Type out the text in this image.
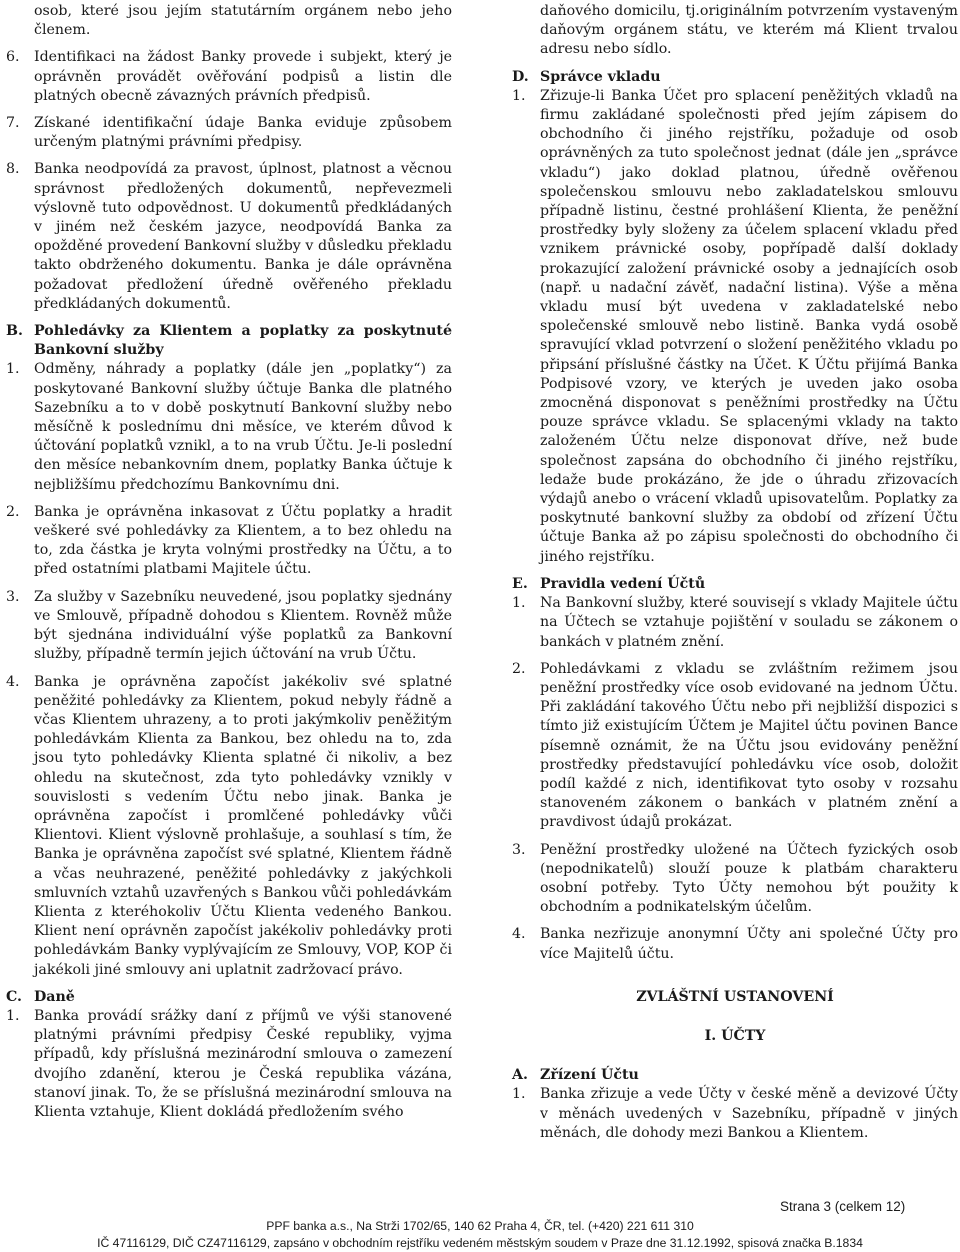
osob, které jsou jejím statutárním orgánem nebo jeho členem.
6.	Identifikaci na žádost Banky provede i subjekt, který je oprávněn provádět ověřování podpisů a listin dle platných obecně závazných právních předpisů.
7.	Získané identifikační údaje Banka eviduje způsobem určeným platnými právními předpisy.
8.	Banka neodpovídá za pravost, úplnost, platnost a věcnou správnost předložených dokumentů, nepřevezmeli výslovně tuto odpovědnost. U dokumentů předkládaných v jiném než českém jazyce, neodpovídá Banka za opožděné provedení Bankovní služby v důsledku překladu takto obdrženého dokumentu. Banka je dále oprávněna požadovat předložení úředně ověřeného překladu předkládaných dokumentů.
B. Pohledávky za Klientem a poplatky za poskytnuté Bankovní služby
1.	Odměny, náhrady a poplatky (dále jen „poplatky“) za poskytované Bankovní služby účtuje Banka dle platného Sazebníku a to v době poskytnutí Bankovní služby nebo měsíčně k poslednímu dni měsíce, ve kterém důvod k účtování poplatků vznikl, a to na vrub Účtu. Je-li poslední den měsíce nebankovním dnem, poplatky Banka účtuje k nejbližšímu předchozímu Bankovnímu dni.
2.	Banka je oprávněna inkasovat z Účtu poplatky a hradit veškeré své pohledávky za Klientem, a to bez ohledu na to, zda částka je kryta volnými prostředky na Účtu, a to před ostatními platbami Majitele účtu.
3.	Za služby v Sazebníku neuvedené, jsou poplatky sjednány ve Smlouvě, případně dohodou s Klientem. Rovněž může být sjednána individuální výše poplatků za Bankovní služby, případně termín jejich účtování na vrub Účtu.
4.	Banka je oprávněna započíst jakékoliv své splatné peněžité pohledávky za Klientem, pokud nebyly řádně a včas Klientem uhrazeny, a to proti jakýmkoliv peněžitým pohledávkám Klienta za Bankou, bez ohledu na to, zda jsou tyto pohledávky Klienta splatné či nikoliv, a bez ohledu na skutečnost, zda tyto pohledávky vznikly v souvislosti s vedením Účtu nebo jinak. Banka je oprávněna započíst i promlčené pohledávky vůči Klientovi. Klient výslovně prohlašuje, a souhlasí s tím, že Banka je oprávněna započíst své splatné, Klientem řádně a včas neuhrazené, peněžité pohledávky z jakýchkoli smluvních vztahů uzavřených s Bankou vůči pohledávkám Klienta z kteréhokoliv Účtu Klienta vedeného Bankou. Klient není oprávněn započíst jakékoliv pohledávky proti pohledávkám Banky vyplývajícím ze Smlouvy, VOP, KOP či jakékoli jiné smlouvy ani uplatnit zadržovací právo.
C. Daně
1.	Banka provádí srážky daní z příjmů ve výši stanovené platnými právními předpisy České republiky, vyjma případů, kdy příslušná mezinárodní smlouva o zamezení dvojího zdanění, kterou je Česká republika vázána, stanoví jinak. To, že se příslušná mezinárodní smlouva na Klienta vztahuje, Klient dokládá předložením svého
daňového domicilu, tj.originálním potvrzením vystaveným daňovým orgánem státu, ve kterém má Klient trvalou adresu nebo sídlo.
D. Správce vkladu
1.	Zřizuje-li Banka Účet pro splacení peněžitých vkladů na firmu zakládané společnosti před jejím zápisem do obchodního či jiného rejstříku, požaduje od osob oprávněných za tuto společnost jednat (dále jen „správce vkladu“) jako doklad platnou, úředně ověřenou společenskou smlouvu nebo zakladatelskou smlouvu případně listinu, čestné prohlášení Klienta, že peněžní prostředky byly složeny za účelem splacení vkladu před vznikem právnické osoby, popřípadě další doklady prokazující založení právnické osoby a jednajících osob (např. u nadační závěť, nadační listina). Výše a měna vkladu musí být uvedena v zakladatelské nebo společenské smlouvě nebo listině. Banka vydá osobě spravující vklad potvrzení o složení peněžitého vkladu po připsání příslušné částky na Účet. K Účtu přijímá Banka Podpisové vzory, ve kterých je uveden jako osoba zmocněná disponovat s peněžními prostředky na Účtu pouze správce vkladu. Se splacenými vklady na takto založeném Účtu nelze disponovat dříve, než bude společnost zapsána do obchodního či jiného rejstříku, ledaže bude prokázáno, že jde o úhradu zřizovacích výdajů anebo o vrácení vkladů upisovatelům. Poplatky za poskytnuté bankovní služby za období od zřízení Účtu účtuje Banka až po zápisu společnosti do obchodního či jiného rejstříku.
E. Pravidla vedení Účtů
1.	Na Bankovní služby, které souvisejí s vklady Majitele účtu na Účtech se vztahuje pojištění v souladu se zákonem o bankách v platném znění.
2.	Pohledávkami z vkladu se zvláštním režimem jsou peněžní prostředky více osob evidované na jednom Účtu. Při zakládání takového Účtu nebo při nejbližší dispozici s tímto již existujícím Účtem je Majitel účtu povinen Bance písemně oznámit, že na Účtu jsou evidovány peněžní prostředky představující pohledávku více osob, doložit podíl každé z nich, identifikovat tyto osoby v rozsahu stanoveném zákonem o bankách v platném znění a pravdivost údajů prokázat.
3.	Peněžní prostředky uložené na Účtech fyzických osob (nepodnikatelů) slouží pouze k platbám charakteru osobní potřeby. Tyto Účty nemohou být použity k obchodním a podnikatelským účelům.
4.	Banka nezřizuje anonymní Účty ani společné Účty pro více Majitelů účtu.
ZVLÁŠTNÍ USTANOVENÍ
I. ÚČTY
A. Zřízení Účtu
1.	Banka zřizuje a vede Účty v české měně a devizové Účty v měnách uvedených v Sazebníku, případně v jiných měnách, dle dohody mezi Bankou a Klientem.
Strana 3 (celkem 12)
PPF banka a.s., Na Strži 1702/65, 140 62 Praha 4, ČR, tel. (+420) 221 611 310
IČ 47116129, DIČ CZ47116129, zapsáno v obchodním rejstříku vedeném městským soudem v Praze dne 31.12.1992, spisová značka B.1834
